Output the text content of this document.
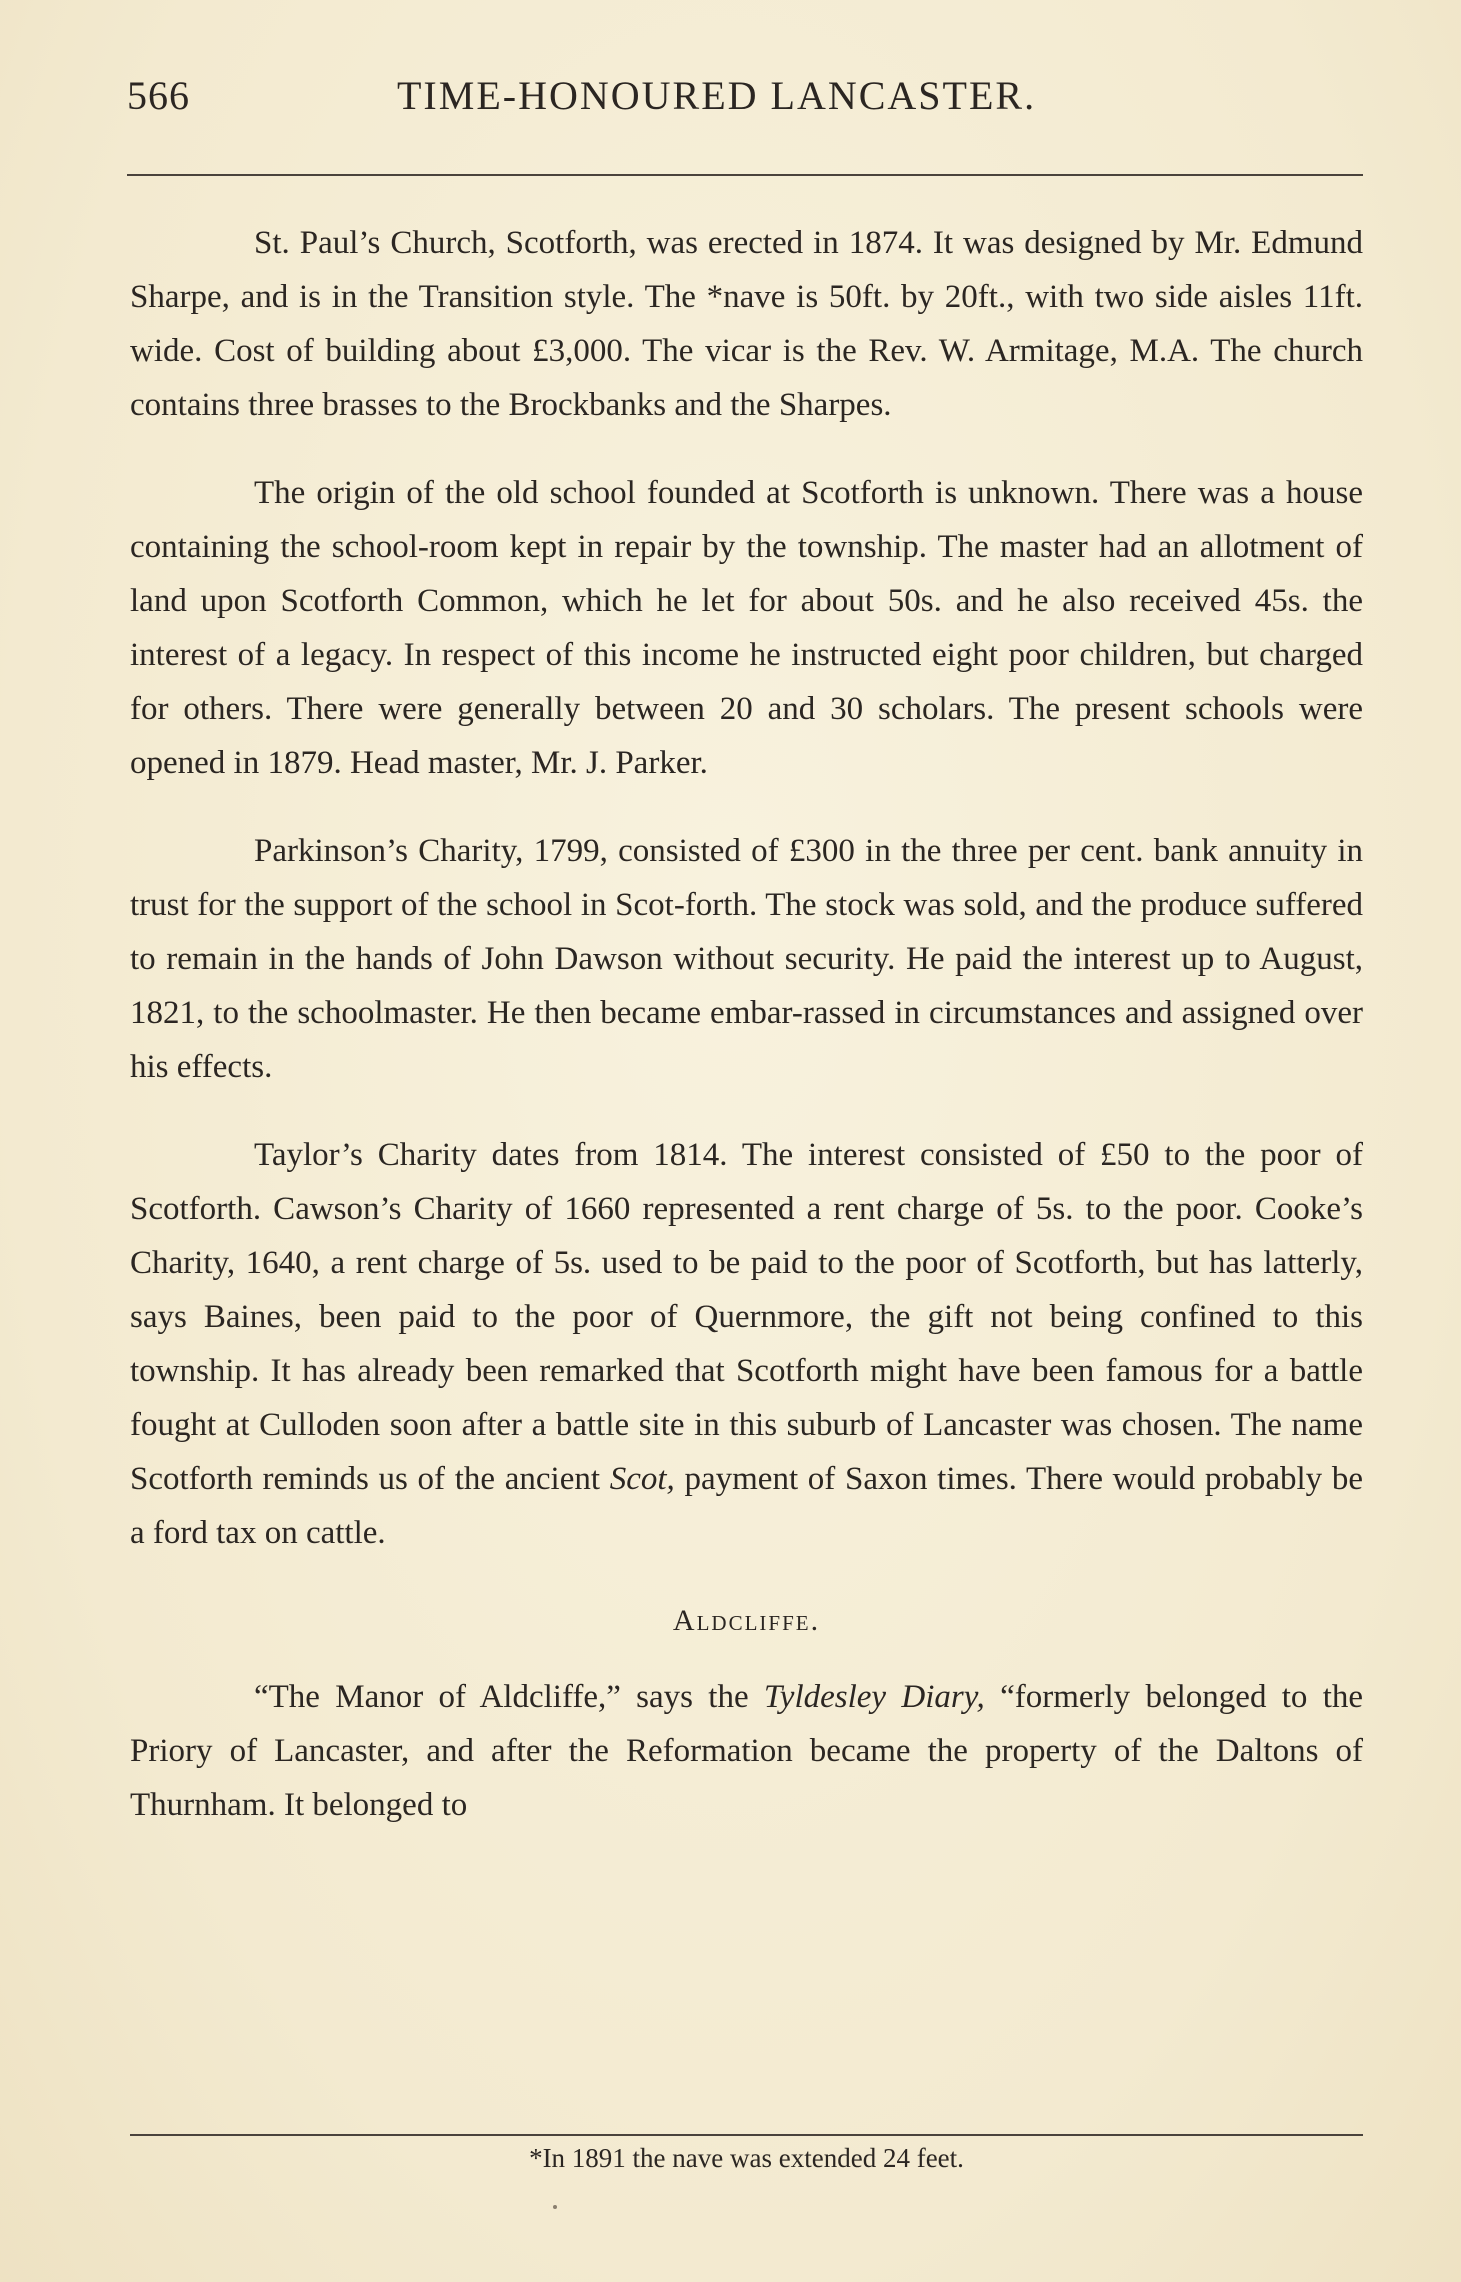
566	TIME-HONOURED LANCASTER.

St. Paul’s Church, Scotforth, was erected in 1874. It was designed by Mr. Edmund Sharpe, and is in the Transition style. The *nave is 50ft. by 20ft., with two side aisles 11ft. wide. Cost of building about £3,000. The vicar is the Rev. W. Armitage, M.A. The church contains three brasses to the Brockbanks and the Sharpes.

The origin of the old school founded at Scotforth is unknown. There was a house containing the school-room kept in repair by the township. The master had an allotment of land upon Scotforth Common, which he let for about 50s. and he also received 45s. the interest of a legacy. In respect of this income he instructed eight poor children, but charged for others. There were generally between 20 and 30 scholars. The present schools were opened in 1879. Head master, Mr. J. Parker.

Parkinson’s Charity, 1799, consisted of £300 in the three per cent. bank annuity in trust for the support of the school in Scot-forth. The stock was sold, and the produce suffered to remain in the hands of John Dawson without security. He paid the interest up to August, 1821, to the schoolmaster. He then became embar-rassed in circumstances and assigned over his effects.

Taylor’s Charity dates from 1814. The interest consisted of £50 to the poor of Scotforth. Cawson’s Charity of 1660 represented a rent charge of 5s. to the poor. Cooke’s Charity, 1640, a rent charge of 5s. used to be paid to the poor of Scotforth, but has latterly, says Baines, been paid to the poor of Quernmore, the gift not being confined to this township. It has already been remarked that Scotforth might have been famous for a battle fought at Culloden soon after a battle site in this suburb of Lancaster was chosen. The name Scotforth reminds us of the ancient Scot, payment of Saxon times. There would probably be a ford tax on cattle.

Aldcliffe.

“The Manor of Aldcliffe,” says the Tyldesley Diary, “formerly belonged to the Priory of Lancaster, and after the Reformation became the property of the Daltons of Thurnham. It belonged to

*In 1891 the nave was extended 24 feet.
